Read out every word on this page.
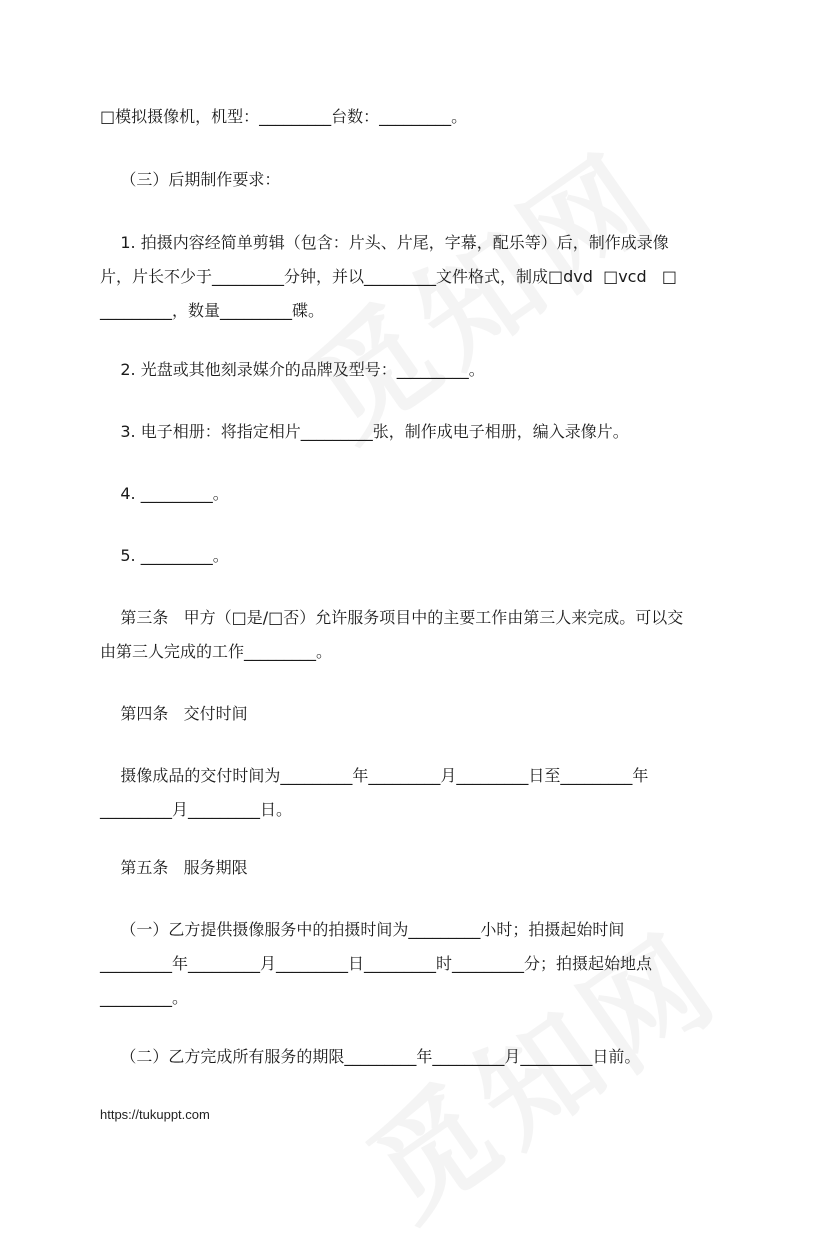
□模拟摄像机，机型：_________台数：_________。
（三）后期制作要求：
1. 拍摄内容经简单剪辑（包含：片头、片尾，字幕，配乐等）后，制作成录像
片，片长不少于_________分钟，并以_________文件格式，制成□dvd  □vcd   □
_________，数量_________碟。
2. 光盘或其他刻录媒介的品牌及型号：_________。
3. 电子相册：将指定相片_________张，制作成电子相册，编入录像片。
4. _________。
5. _________。
第三条   甲方（□是/□否）允许服务项目中的主要工作由第三人来完成。可以交
由第三人完成的工作_________。
第四条   交付时间
摄像成品的交付时间为_________年_________月_________日至_________年
_________月_________日。
第五条   服务期限
（一）乙方提供摄像服务中的拍摄时间为_________小时；拍摄起始时间
_________年_________月_________日_________时_________分；拍摄起始地点
_________。
（二）乙方完成所有服务的期限_________年_________月_________日前。
https://tukuppt.com
